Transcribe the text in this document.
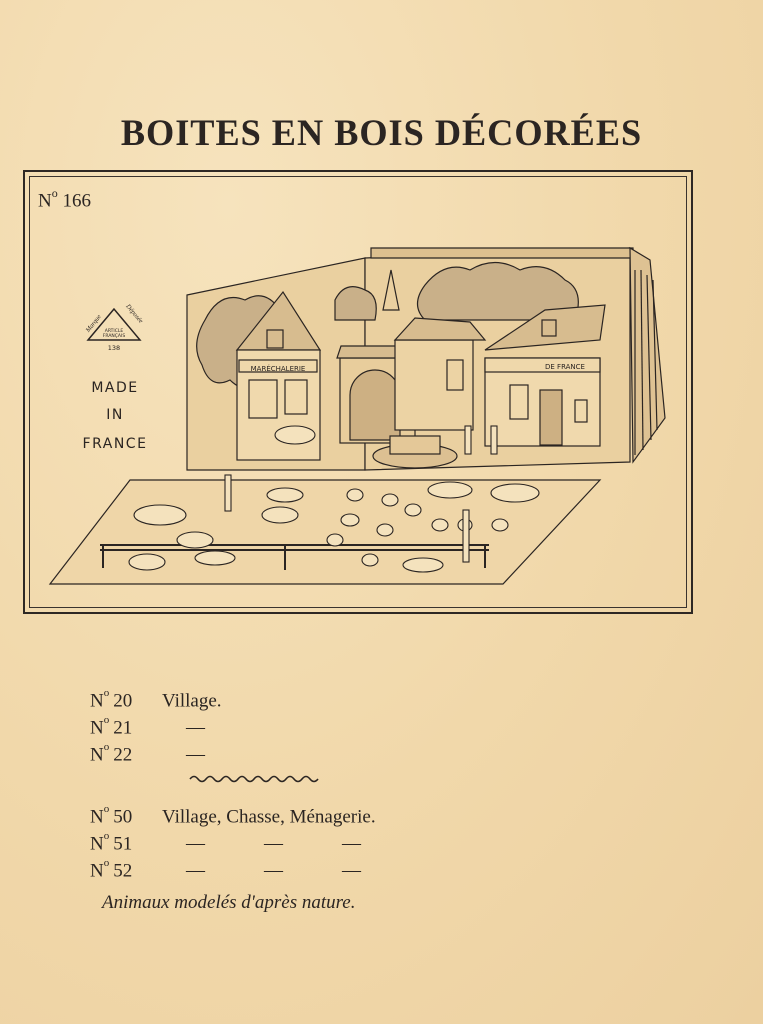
BOITES EN BOIS DÉCORÉES
$N^o$ 166
Marque	Déposée
ARTICLE
FRANÇAIS
138
MADE
IN
FRANCE
MARÉCHALERIE	DE FRANCE
$N^o$ 20 Village.
$N^o$ 21	—
$N^o$ 22	—
$N^o$ 50 Village, Chasse, Ménagerie.
$N^o$ 51	—	—	—
$N^o$ 52	—	—	—
Animaux modelés d'après nature.
